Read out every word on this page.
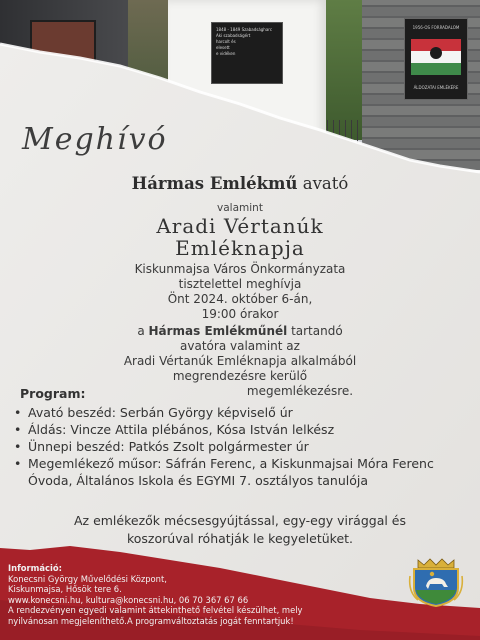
1848 - 1849 Szabadságharc
Aki szabadságért
harcolt és
elesett
e vidéken
1956-OS FORRADALOM
ÁLDOZATAI EMLÉKÉRE
Meghívó
Hármas Emlékmű avató
valamint
Aradi Vértanúk
Emléknapja
Kiskunmajsa Város Önkormányzata
tisztelettel meghívja
Önt 2024. október 6-án,
19:00 órakor
a Hármas Emlékműnél tartandó
avatóra valamint az
Aradi Vértanúk Emléknapja alkalmából
megrendezésre kerülő
megemlékezésre.
Program:
• Avató beszéd: Serbán György képviselő úr
• Áldás: Vincze Attila plébános, Kósa István lelkész
• Ünnepi beszéd: Patkós Zsolt polgármester úr
• Megemlékező műsor: Sáfrán Ferenc, a Kiskunmajsai Móra Ferenc Óvoda, Általános Iskola és EGYMI 7. osztályos tanulója
Az emlékezők mécsesgyújtással, egy-egy virággal és
koszorúval róhatják le kegyeletüket.
Információ:
Konecsni György Művelődési Központ,
Kiskunmajsa, Hősök tere 6.
www.konecsni.hu, kultura@konecsni.hu, 06 70 367 67 66
A rendezvényen egyedi valamint áttekinthető felvétel készülhet, mely
nyilvánosan megjeleníthető.A programváltoztatás jogát fenntartjuk!
